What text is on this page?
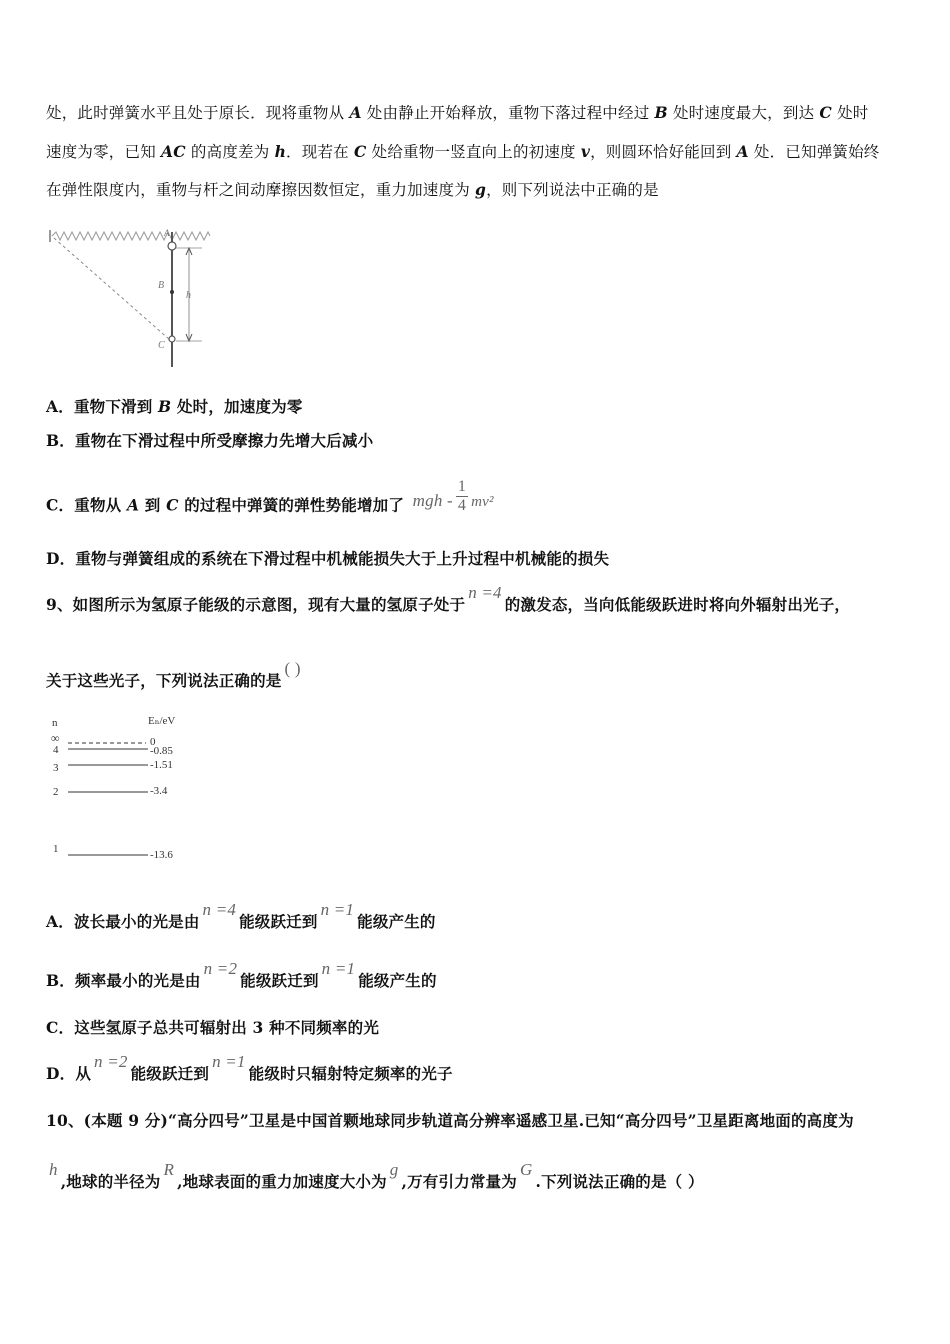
处，此时弹簧水平且处于原长．现将重物从 A 处由静止开始释放，重物下落过程中经过 B 处时速度最大，到达 C 处时
速度为零，已知 AC 的高度差为 h．现若在 C 处给重物一竖直向上的初速度 v，则圆环恰好能回到 A 处．已知弹簧始终
在弹性限度内，重物与杆之间动摩擦因数恒定，重力加速度为 g，则下列说法中正确的是
A
B
C
h
A．重物下滑到 B 处时，加速度为零
B．重物在下滑过程中所受摩擦力先增大后减小
C．重物从 A 到 C 的过程中弹簧的弹性势能增加了 mgh - $\frac{1}{4} mv^2$
D．重物与弹簧组成的系统在下滑过程中机械能损失大于上升过程中机械能的损失
9、如图所示为氢原子能级的示意图，现有大量的氢原子处于n =4的激发态，当向低能级跃进时将向外辐射出光子，
关于这些光子，下列说法正确的是( )
n	Eₙ/eV
∞	0
4	-0.85
3	-1.51
2	-3.4
1	-13.6
A．波长最小的光是由n =4能级跃迁到n =1能级产生的
B．频率最小的光是由n =2能级跃迁到n =1能级产生的
C．这些氢原子总共可辐射出 3 种不同频率的光
D．从n =2能级跃迁到n =1能级时只辐射特定频率的光子
10、(本题 9 分)“高分四号”卫星是中国首颗地球同步轨道高分辨率遥感卫星.已知“高分四号”卫星距离地面的高度为
h,地球的半径为R,地球表面的重力加速度大小为g,万有引力常量为G.下列说法正确的是（ ）
